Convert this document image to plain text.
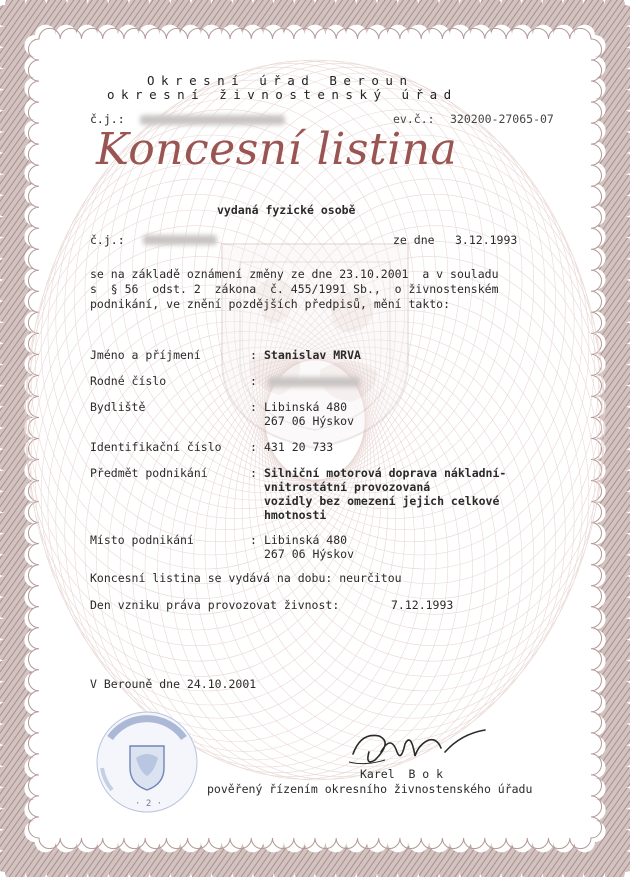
Okresní úřad Beroun
okresní živnostenský úřad
č.j.:	ev.č.: 320200-27065-07
Koncesní listina
vydaná fyzické osobě
č.j.:	ze dne 3.12.1993
se na základě oznámení změny ze dne 23.10.2001  a v souladu
s  § 56  odst. 2  zákona  č. 455/1991 Sb.,  o živnostenském
podnikání, ve znění pozdějších předpisů, mění takto:
Jméno a příjmení	: Stanislav MRVA
Rodné číslo	:
Bydliště	: Libinská 480
267 06 Hýskov
Identifikační číslo : 431 20 733
Předmět podnikání	: Silniční motorová doprava nákladní-
vnitrostátní provozovaná
vozidly bez omezení jejich celkové
hmotnosti
Místo podnikání	: Libinská 480
267 06 Hýskov
Koncesní listina se vydává na dobu: neurčitou
Den vzniku práva provozovat živnost:	7.12.1993
V Berouně dne 24.10.2001
· 2 ·
Karel  B o k
pověřený řízením okresního živnostenského úřadu
